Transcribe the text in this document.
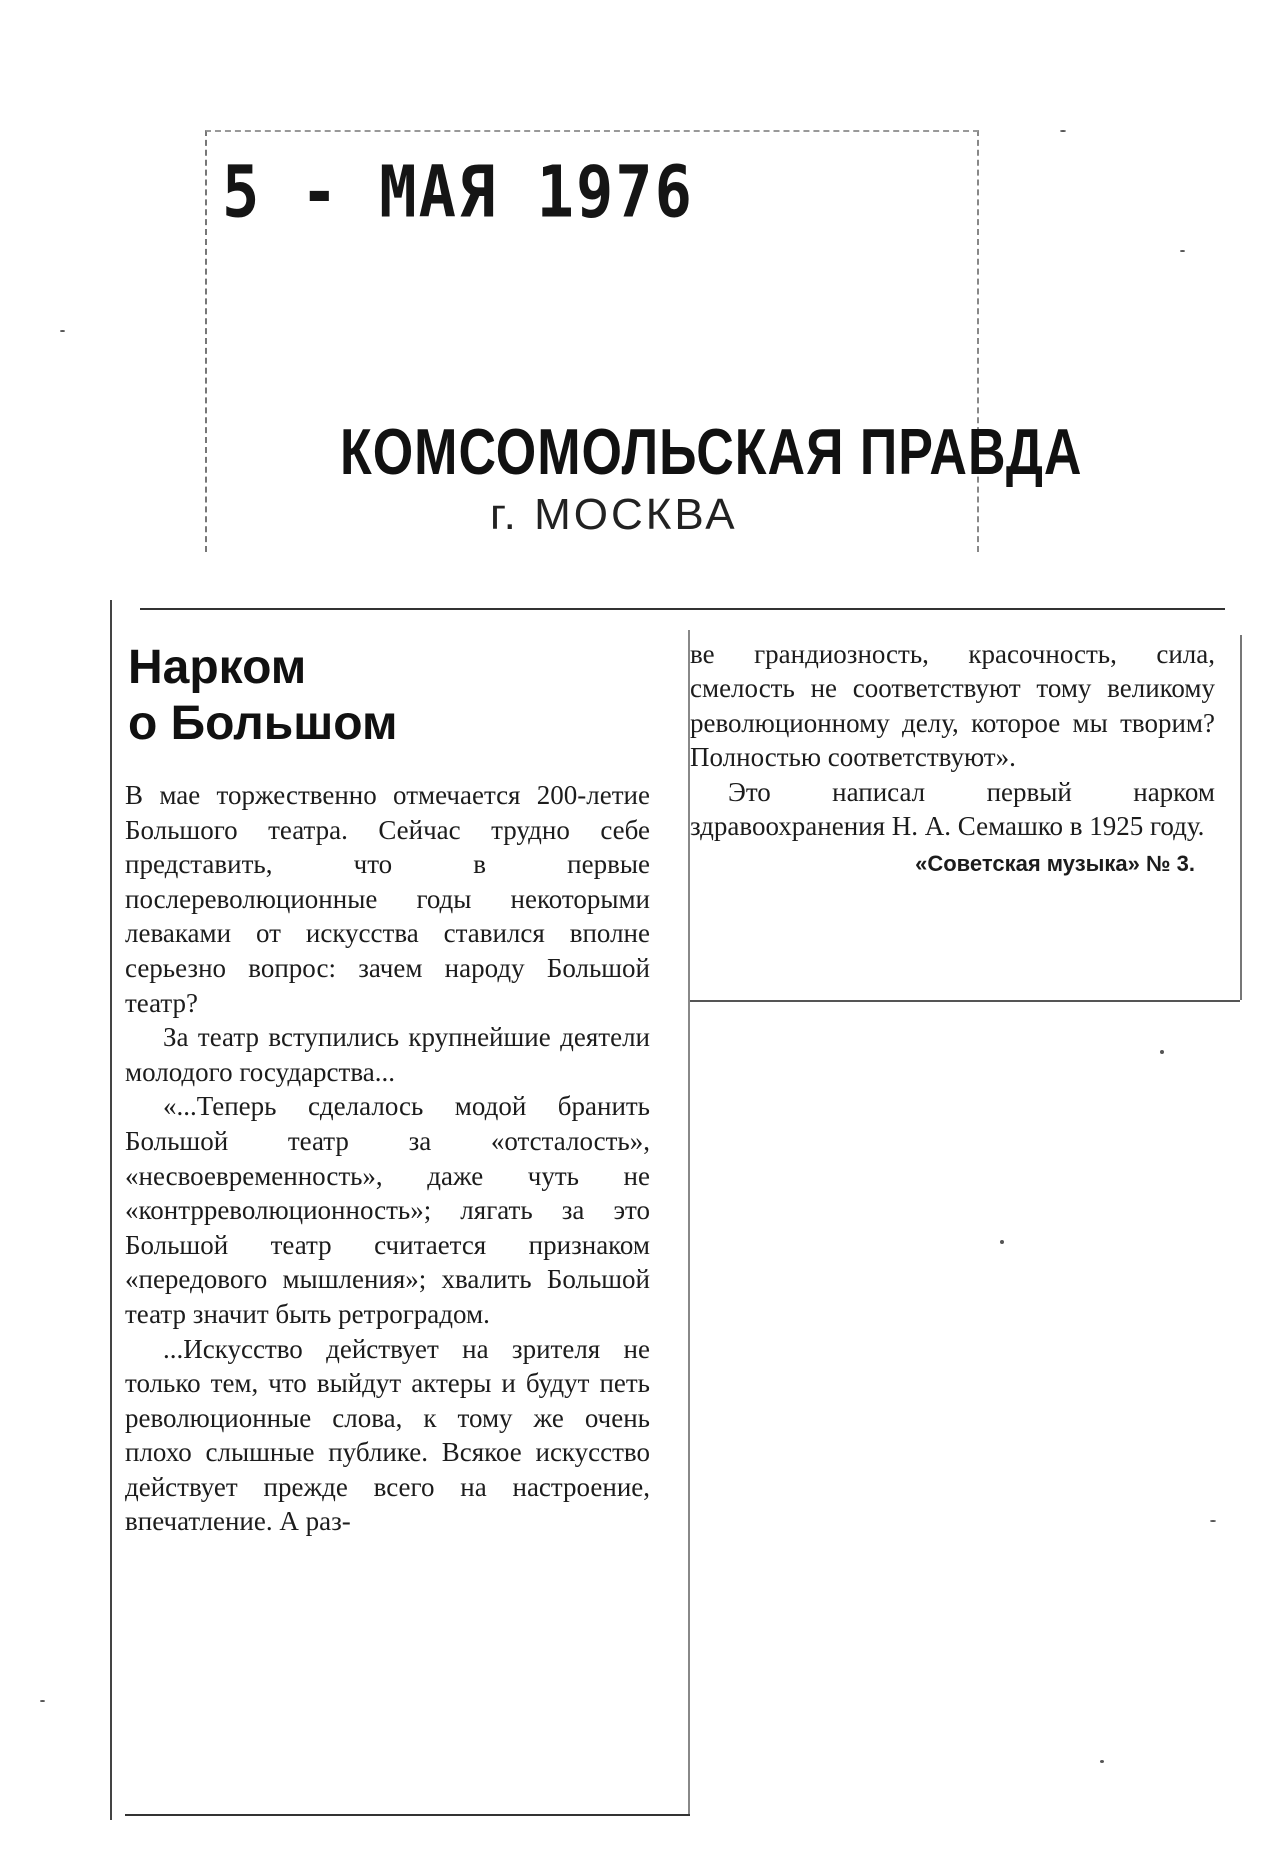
5 - МАЯ 1976
КОМСОМОЛЬСКАЯ ПРАВДА
г. МОСКВА
Нарком
о Большом

В мае торжественно отмечается 200-летие Большого театра. Сейчас трудно себе представить, что в первые послереволюционные годы некоторыми леваками от искусства ставился вполне серьезно вопрос: зачем народу Большой театр?

За театр вступились крупнейшие деятели молодого государства...

«...Теперь сделалось модой бранить Большой театр за «отсталость», «несвоевременность», даже чуть не «контрреволюционность»; лягать за это Большой театр считается признаком «передового мышления»; хвалить Большой театр значит быть ретроградом.

...Искусство действует на зрителя не только тем, что выйдут актеры и будут петь революционные слова, к тому же очень плохо слышные публике. Всякое искусство действует прежде всего на настроение, впечатление. А раз-

ве грандиозность, красочность, сила, смелость не соответствуют тому великому революционному делу, которое мы творим? Полностью соответствуют».

Это написал первый нарком здравоохранения Н. А. Семашко в 1925 году.

«Советская музыка» № 3.
